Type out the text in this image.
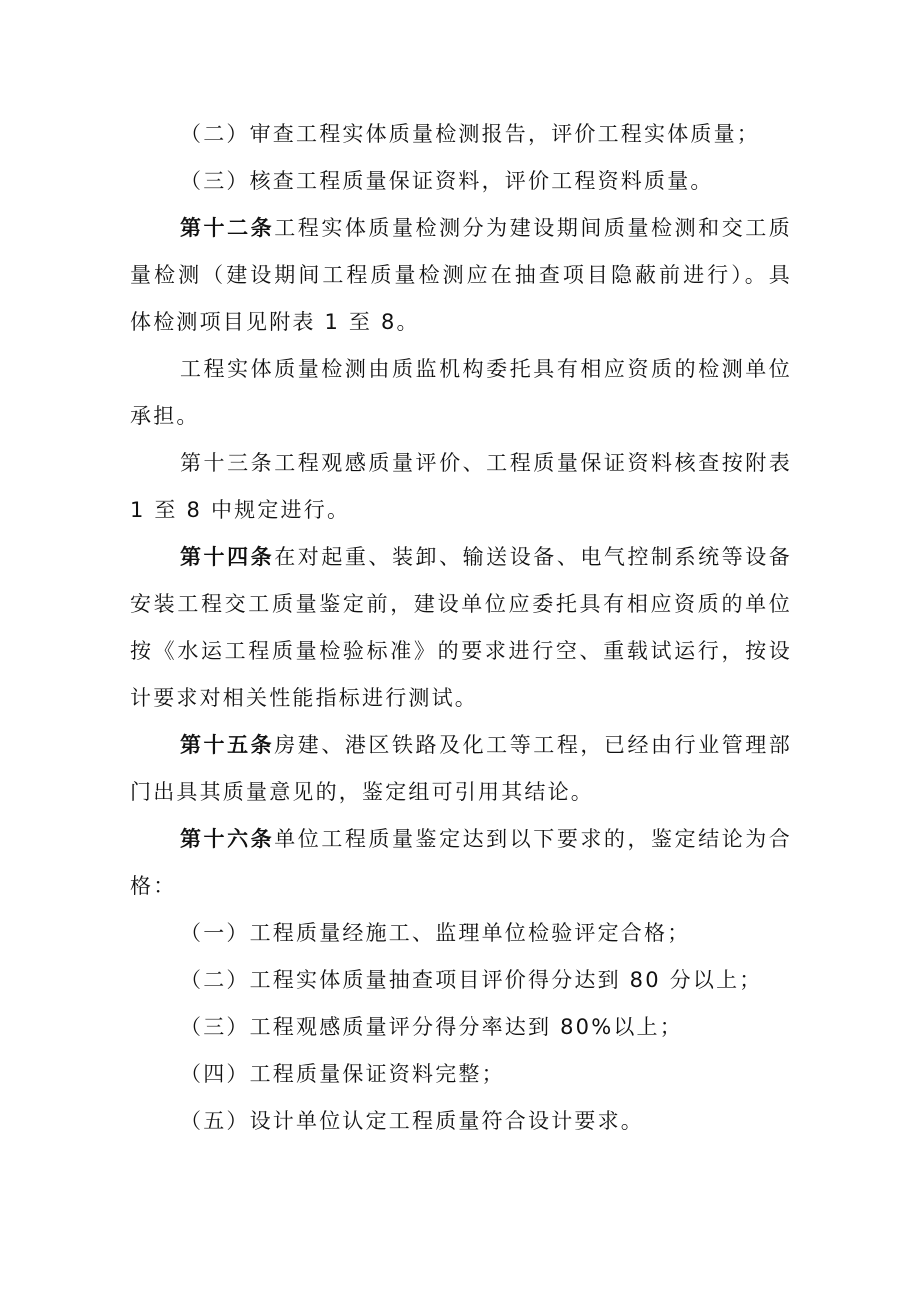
（二）审查工程实体质量检测报告，评价工程实体质量；

（三）核查工程质量保证资料，评价工程资料质量。

第十二条工程实体质量检测分为建设期间质量检测和交工质量检测（建设期间工程质量检测应在抽查项目隐蔽前进行）。具体检测项目见附表 1 至 8。

工程实体质量检测由质监机构委托具有相应资质的检测单位承担。

第十三条工程观感质量评价、工程质量保证资料核查按附表 1 至 8 中规定进行。

第十四条在对起重、装卸、输送设备、电气控制系统等设备安装工程交工质量鉴定前，建设单位应委托具有相应资质的单位按《水运工程质量检验标准》的要求进行空、重载试运行，按设计要求对相关性能指标进行测试。

第十五条房建、港区铁路及化工等工程，已经由行业管理部门出具其质量意见的，鉴定组可引用其结论。

第十六条单位工程质量鉴定达到以下要求的，鉴定结论为合格：

（一）工程质量经施工、监理单位检验评定合格；

（二）工程实体质量抽查项目评价得分达到 80 分以上；

（三）工程观感质量评分得分率达到 80%以上；

（四）工程质量保证资料完整；

（五）设计单位认定工程质量符合设计要求。
